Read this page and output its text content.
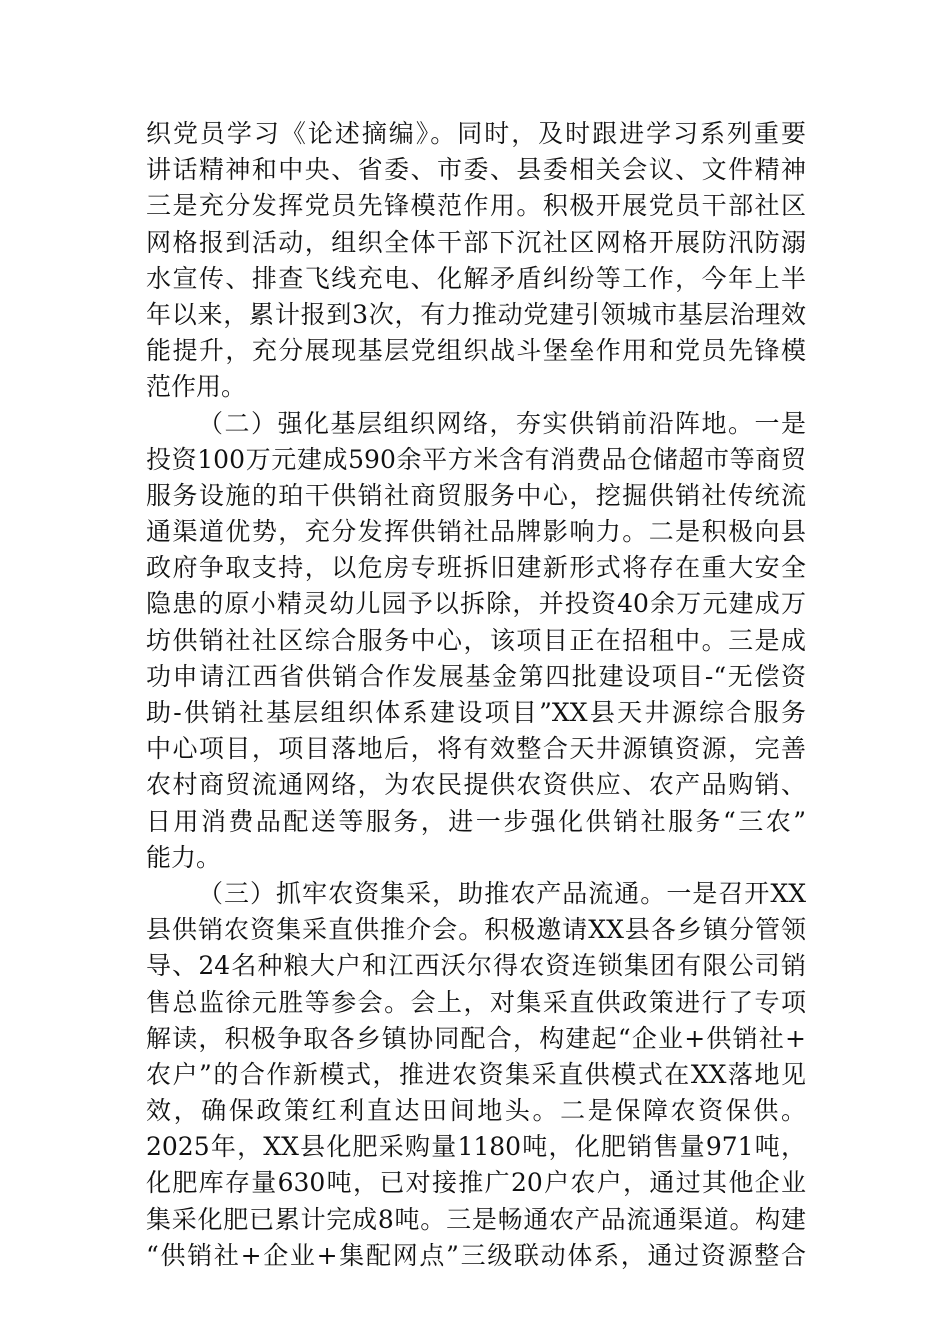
织党员学习《论述摘编》。同时，及时跟进学习系列重要
讲话精神和中央、省委、市委、县委相关会议、文件精神
三是充分发挥党员先锋模范作用。积极开展党员干部社区
网格报到活动，组织全体干部下沉社区网格开展防汛防溺
水宣传、排查飞线充电、化解矛盾纠纷等工作，今年上半
年以来，累计报到3次，有力推动党建引领城市基层治理效
能提升，充分展现基层党组织战斗堡垒作用和党员先锋模
范作用。
（二）强化基层组织网络，夯实供销前沿阵地。一是
投资100万元建成590余平方米含有消费品仓储超市等商贸
服务设施的珀干供销社商贸服务中心，挖掘供销社传统流
通渠道优势，充分发挥供销社品牌影响力。二是积极向县
政府争取支持，以危房专班拆旧建新形式将存在重大安全
隐患的原小精灵幼儿园予以拆除，并投资40余万元建成万
坊供销社社区综合服务中心，该项目正在招租中。三是成
功申请江西省供销合作发展基金第四批建设项目-“无偿资
助-供销社基层组织体系建设项目”XX县天井源综合服务
中心项目，项目落地后，将有效整合天井源镇资源，完善
农村商贸流通网络，为农民提供农资供应、农产品购销、
日用消费品配送等服务，进一步强化供销社服务“三农”
能力。
（三）抓牢农资集采，助推农产品流通。一是召开XX
县供销农资集采直供推介会。积极邀请XX县各乡镇分管领
导、24名种粮大户和江西沃尔得农资连锁集团有限公司销
售总监徐元胜等参会。会上，对集采直供政策进行了专项
解读，积极争取各乡镇协同配合，构建起“企业+供销社+
农户”的合作新模式，推进农资集采直供模式在XX落地见
效，确保政策红利直达田间地头。二是保障农资保供。
2025年，XX县化肥采购量1180吨，化肥销售量971吨，
化肥库存量630吨，已对接推广20户农户，通过其他企业
集采化肥已累计完成8吨。三是畅通农产品流通渠道。构建
“供销社+企业+集配网点”三级联动体系，通过资源整合
